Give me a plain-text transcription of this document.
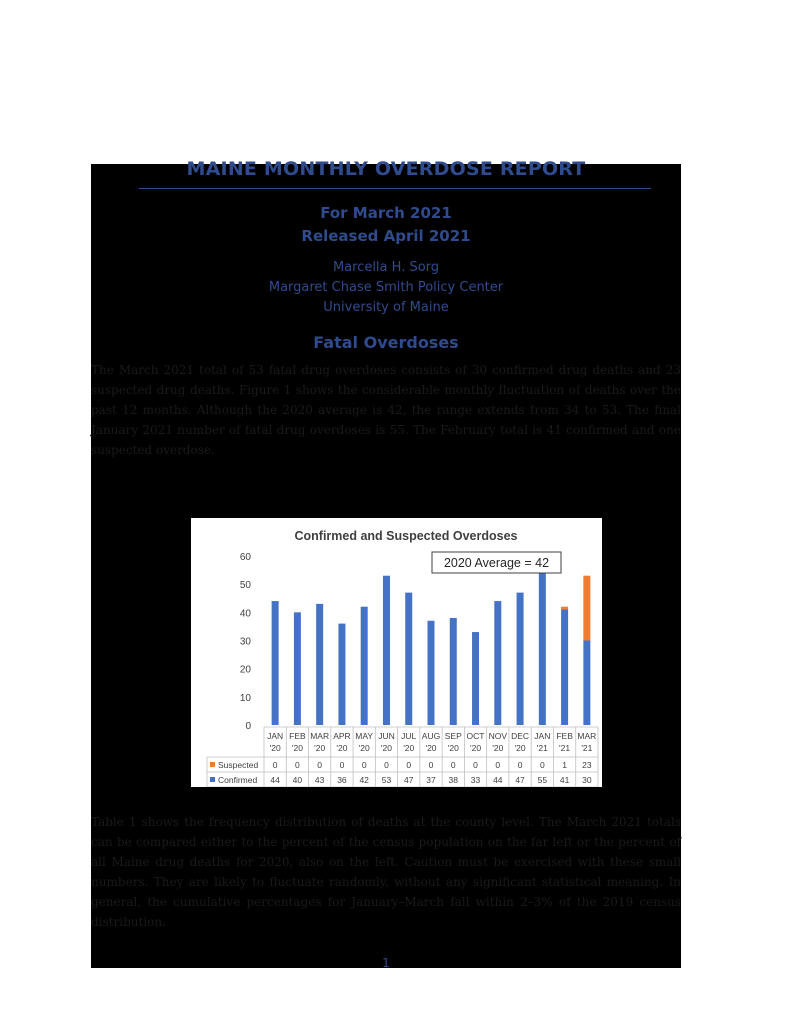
MAINE MONTHLY OVERDOSE REPORT
For March 2021
Released April 2021
Marcella H. Sorg
Margaret Chase Smith Policy Center
University of Maine
Fatal Overdoses

The March 2021 total of 53 fatal drug overdoses consists of 30 confirmed drug deaths and 23 suspected drug deaths. Figure 1 shows the considerable monthly fluctuation of deaths over the past 12 months. Although the 2020 average is 42, the range extends from 34 to 53. The final January 2021 number of fatal drug overdoses is 55. The February total is 41 confirmed and one suspected overdose.

Confirmed and Suspected Overdoses
0
10
20
30
40
50
60	2020 Average = 42
JAN
'20
FEB
'20
MAR
'20
APR
'20
MAY
'20
JUN
'20
JUL
'20
AUG
'20
SEP
'20
OCT
'20
NOV
'20
DEC
'20
JAN
'21
FEB
'21
MAR
'21
Suspected 0 0 0 0 0 0 0 0 0 0 0 0 0 1 23
Confirmed 44 40 43 36 42 53 47 37 38 33 44 47 55 41 30

Table 1 shows the frequency distribution of deaths at the county level. The March 2021 totals can be compared either to the percent of the census population on the far left or the percent of all Maine drug deaths for 2020, also on the left. Caution must be exercised with these small numbers. They are likely to fluctuate randomly, without any significant statistical meaning. In general, the cumulative percentages for January–March fall within 2–3% of the 2019 census distribution.

1
